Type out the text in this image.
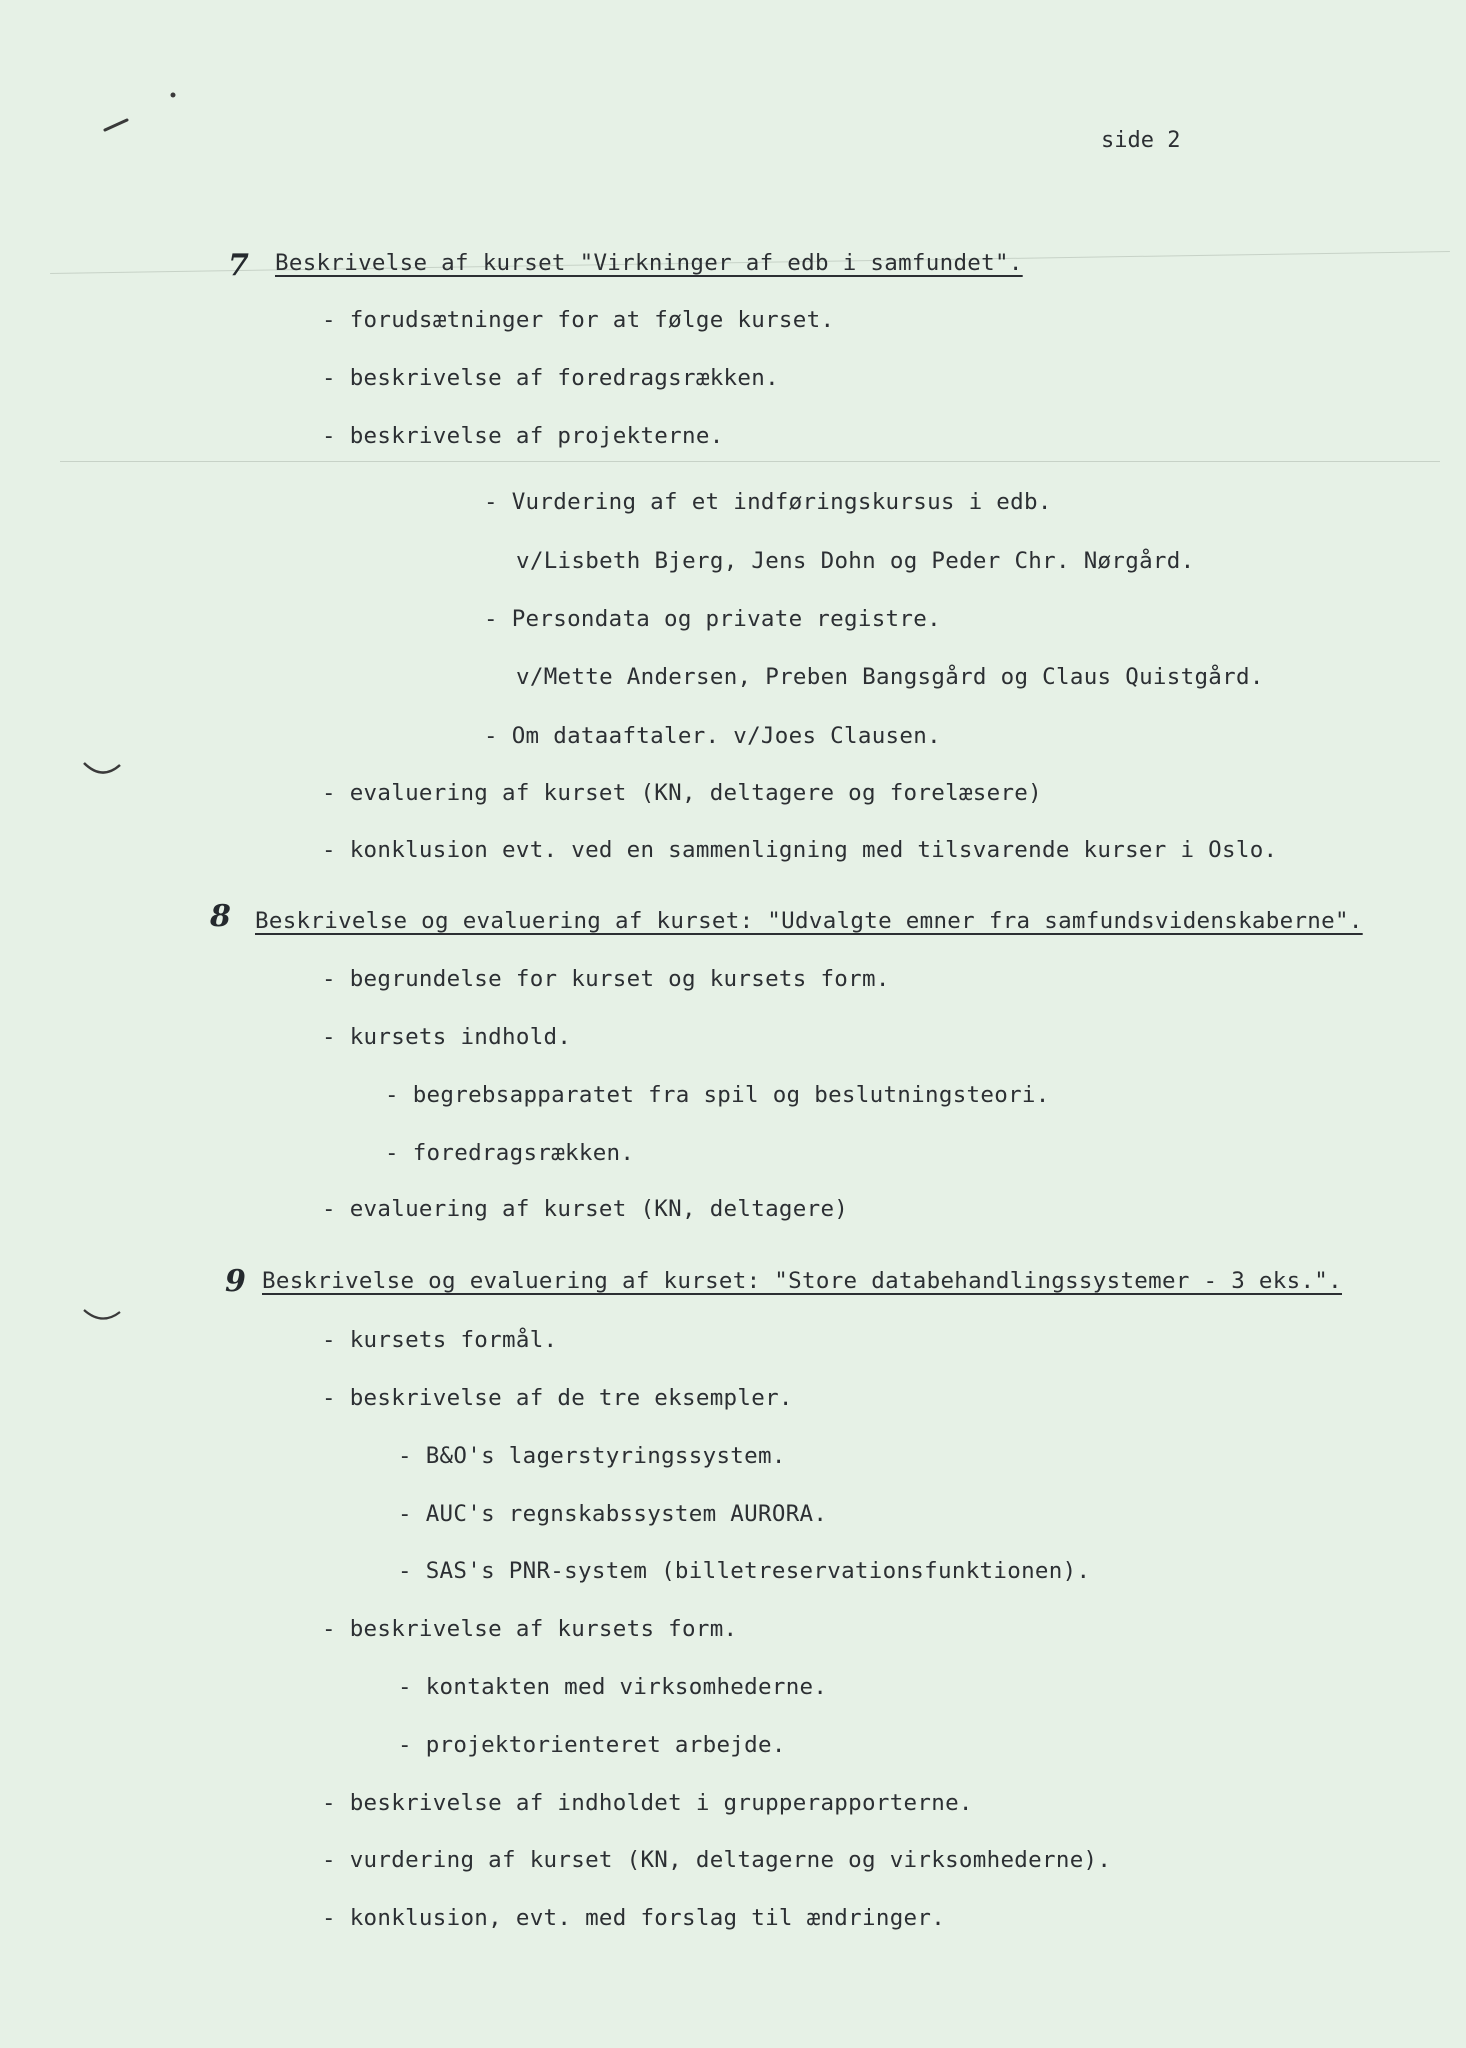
side 2
7 Beskrivelse af kurset "Virkninger af edb i samfundet".
- forudsætninger for at følge kurset.
- beskrivelse af foredragsrækken.
- beskrivelse af projekterne.
- Vurdering af et indføringskursus i edb.
v/Lisbeth Bjerg, Jens Dohn og Peder Chr. Nørgård.
- Persondata og private registre.
v/Mette Andersen, Preben Bangsgård og Claus Quistgård.
- Om dataaftaler. v/Joes Clausen.
- evaluering af kurset (KN, deltagere og forelæsere)
- konklusion evt. ved en sammenligning med tilsvarende kurser i Oslo.
8 Beskrivelse og evaluering af kurset: "Udvalgte emner fra samfundsvidenskaberne".
- begrundelse for kurset og kursets form.
- kursets indhold.
- begrebsapparatet fra spil og beslutningsteori.
- foredragsrækken.
- evaluering af kurset (KN, deltagere)
9 Beskrivelse og evaluering af kurset: "Store databehandlingssystemer - 3 eks.".
- kursets formål.
- beskrivelse af de tre eksempler.
- B&O's lagerstyringssystem.
- AUC's regnskabssystem AURORA.
- SAS's PNR-system (billetreservationsfunktionen).
- beskrivelse af kursets form.
- kontakten med virksomhederne.
- projektorienteret arbejde.
- beskrivelse af indholdet i grupperapporterne.
- vurdering af kurset (KN, deltagerne og virksomhederne).
- konklusion, evt. med forslag til ændringer.
